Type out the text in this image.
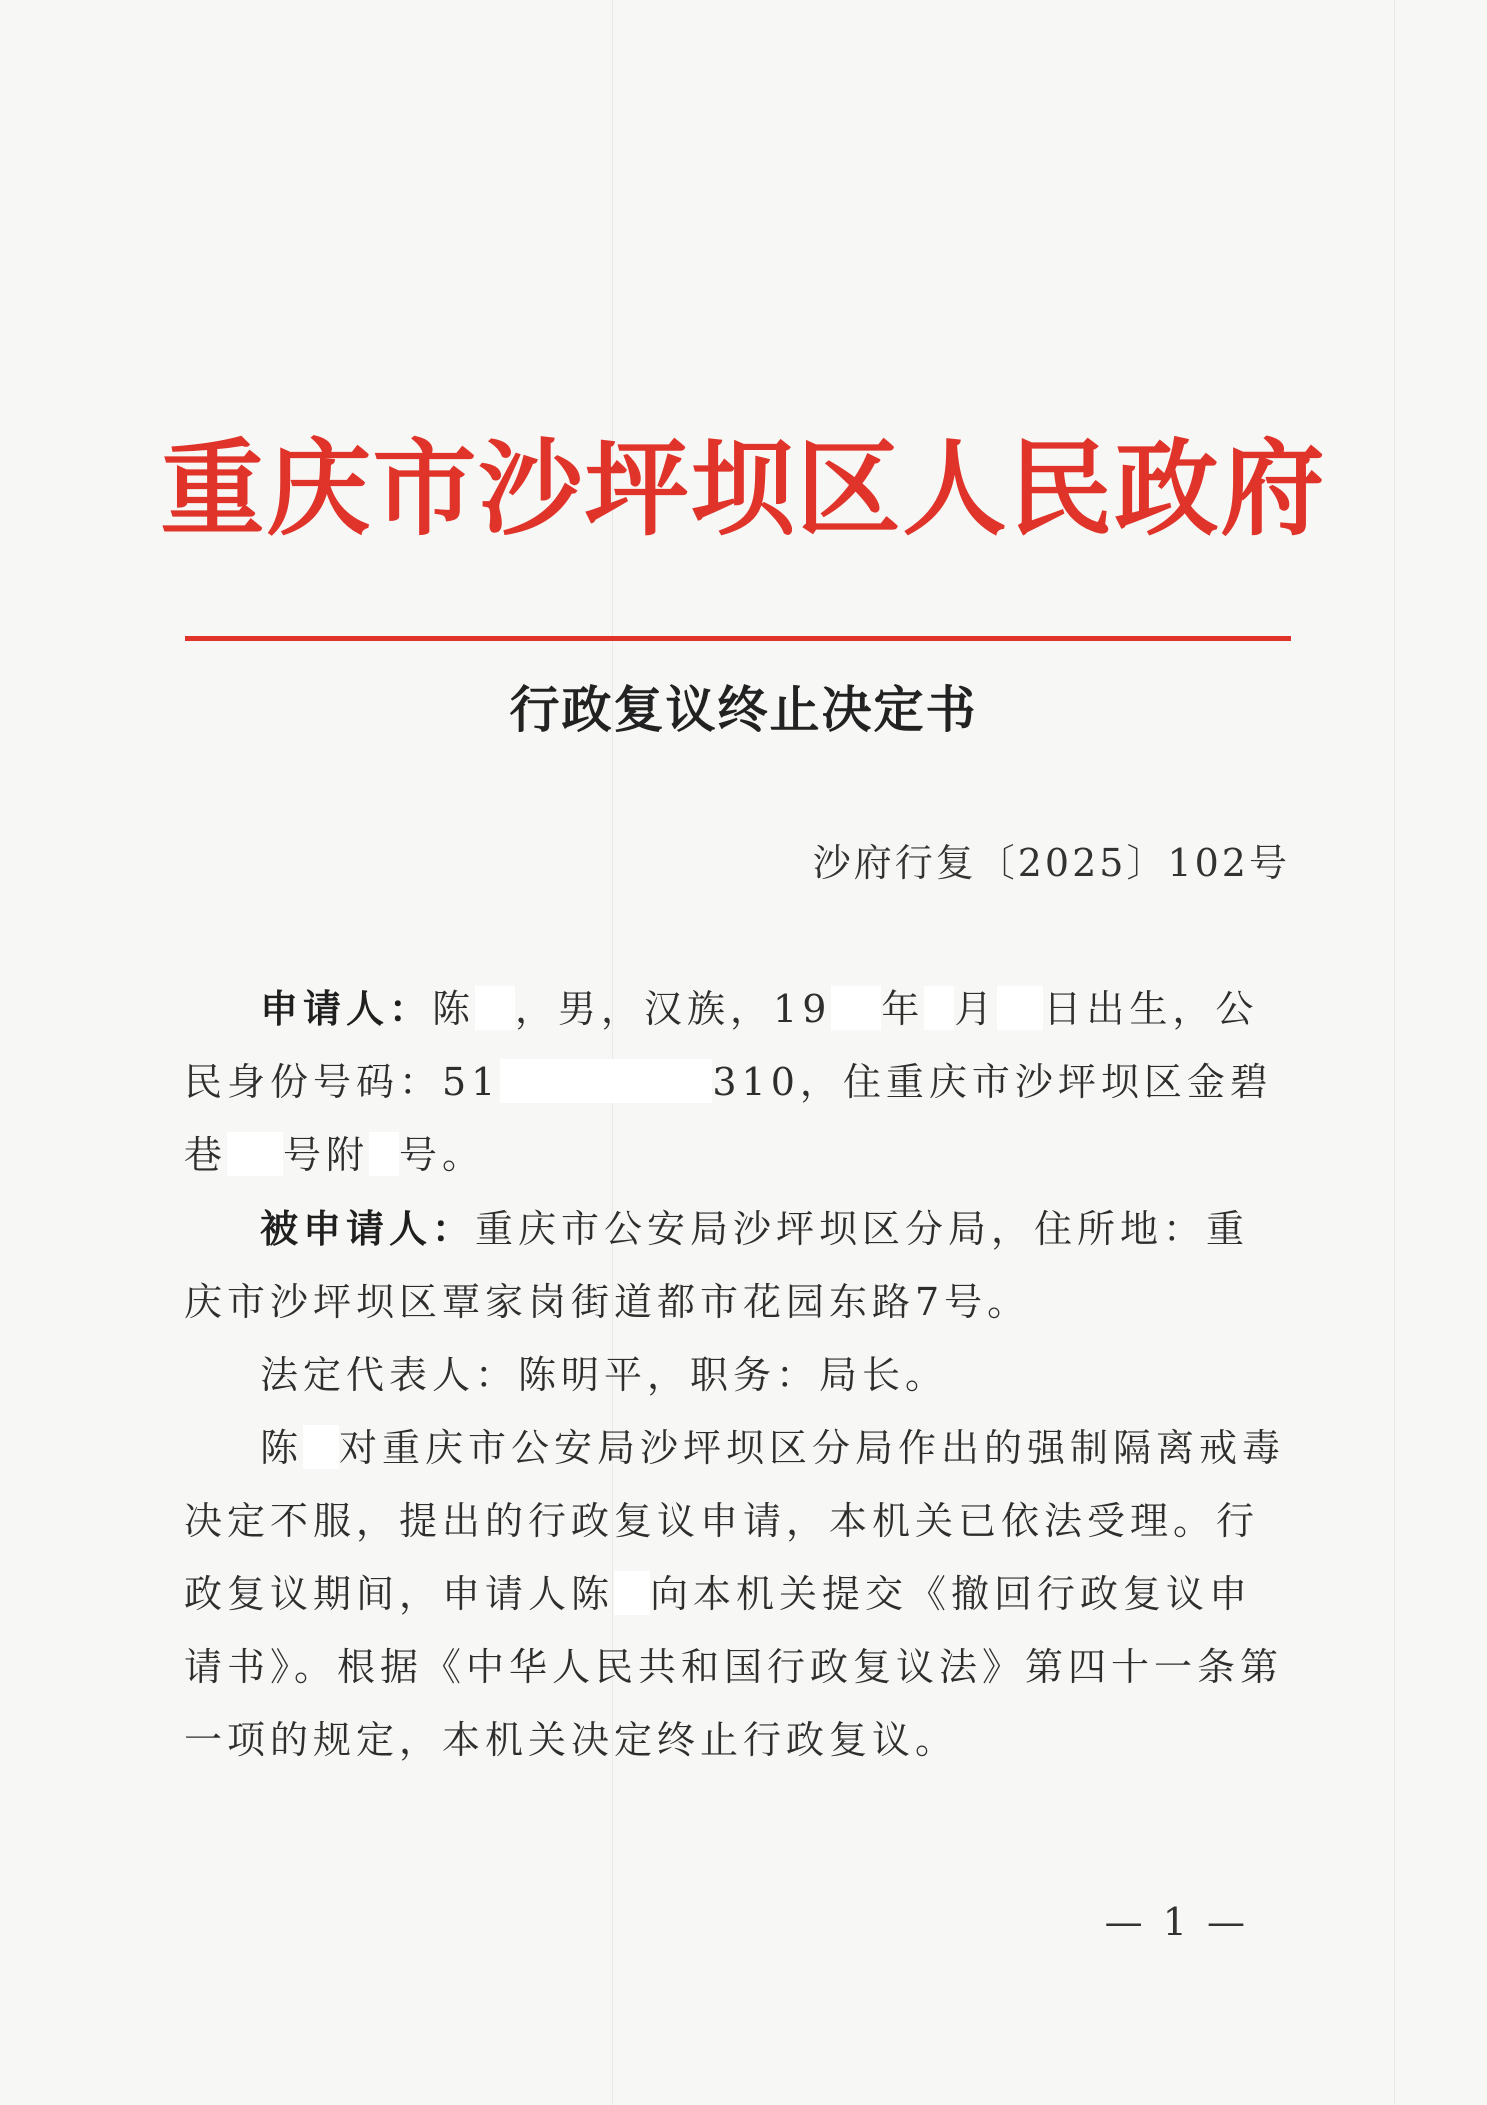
重庆市沙坪坝区人民政府
行政复议终止决定书
沙府行复〔2025〕102号

申请人：陈 ，男，汉族，19 年 月 日出生，公民身份号码：51	310，住重庆市沙坪坝区金碧巷 号附 号。

被申请人：重庆市公安局沙坪坝区分局，住所地：重庆市沙坪坝区覃家岗街道都市花园东路7号。

法定代表人：陈明平，职务：局长。

陈 对重庆市公安局沙坪坝区分局作出的强制隔离戒毒决定不服，提出的行政复议申请，本机关已依法受理。行政复议期间，申请人陈 向本机关提交《撤回行政复议申请书》。根据《中华人民共和国行政复议法》第四十一条第一项的规定，本机关决定终止行政复议。

— 1 —
